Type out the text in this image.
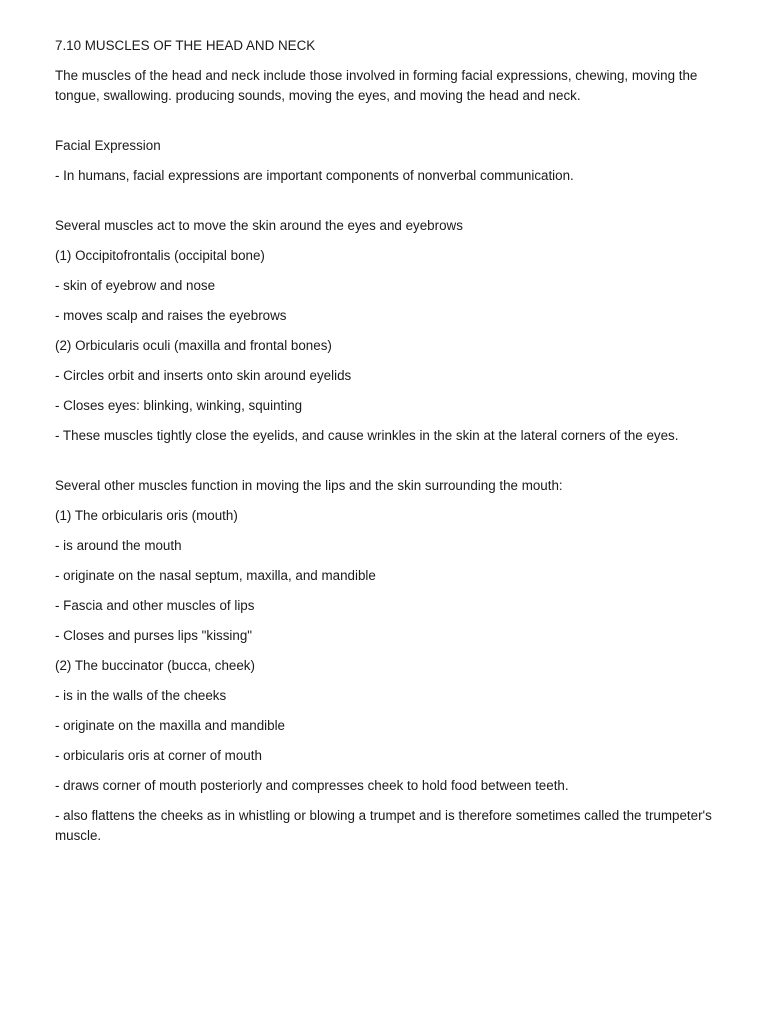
7.10 MUSCLES OF THE HEAD AND NECK

The muscles of the head and neck include those involved in forming facial expressions, chewing, moving the tongue, swallowing. producing sounds, moving the eyes, and moving the head and neck.

Facial Expression

- In humans, facial expressions are important components of nonverbal communication.

Several muscles act to move the skin around the eyes and eyebrows

(1) Occipitofrontalis (occipital bone)

- skin of eyebrow and nose

- moves scalp and raises the eyebrows

(2) Orbicularis oculi (maxilla and frontal bones)

- Circles orbit and inserts onto skin around eyelids

- Closes eyes: blinking, winking, squinting

- These muscles tightly close the eyelids, and cause wrinkles in the skin at the lateral corners of the eyes.

Several other muscles function in moving the lips and the skin surrounding the mouth:

(1) The orbicularis oris (mouth)

- is around the mouth

- originate on the nasal septum, maxilla, and mandible

- Fascia and other muscles of lips

- Closes and purses lips "kissing"

(2) The buccinator (bucca, cheek)

- is in the walls of the cheeks

- originate on the maxilla and mandible

- orbicularis oris at corner of mouth

- draws corner of mouth posteriorly and compresses cheek to hold food between teeth.

- also flattens the cheeks as in whistling or blowing a trumpet and is therefore sometimes called the trumpeter's muscle.
